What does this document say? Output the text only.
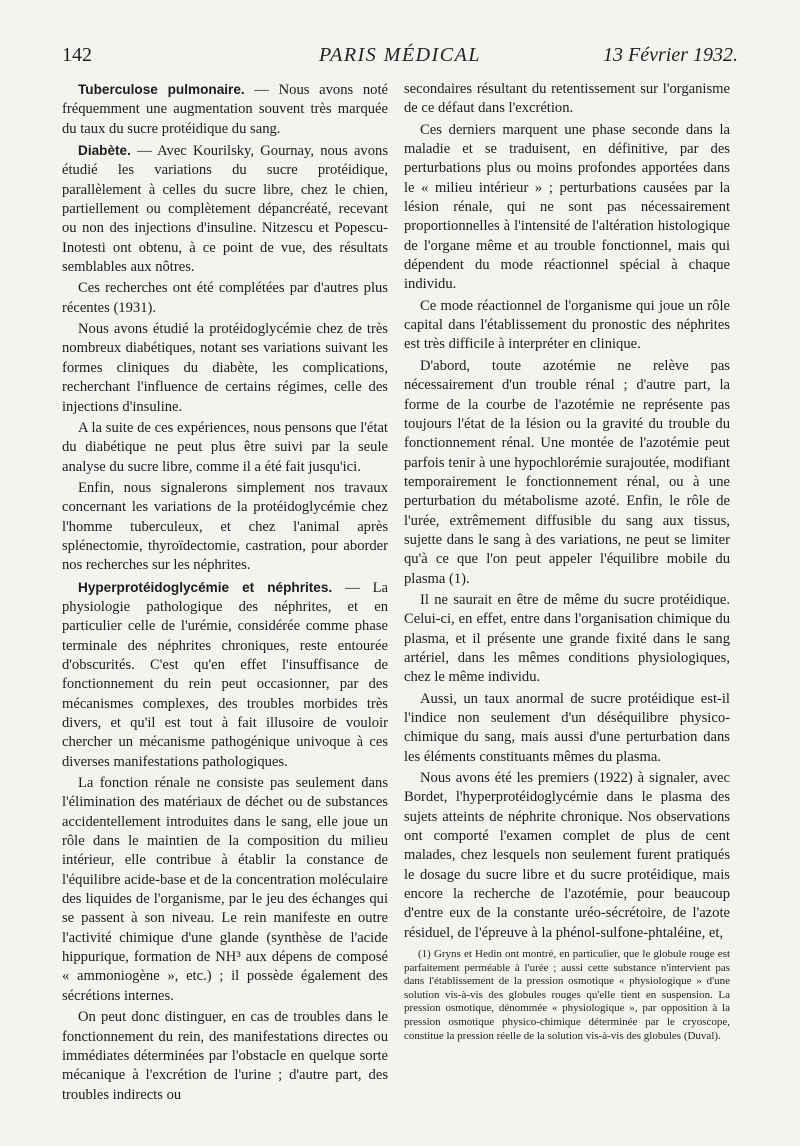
142	PARIS MÉDICAL	13 Février 1932.

Tuberculose pulmonaire. — Nous avons noté fréquemment une augmentation souvent très marquée du taux du sucre protéidique du sang.

Diabète. — Avec Kourilsky, Gournay, nous avons étudié les variations du sucre protéidique, parallèlement à celles du sucre libre, chez le chien, partiellement ou complètement dépancréaté, recevant ou non des injections d'insuline. Nitzescu et Popescu-Inotesti ont obtenu, à ce point de vue, des résultats semblables aux nôtres.

Ces recherches ont été complétées par d'autres plus récentes (1931).

Nous avons étudié la protéidoglycémie chez de très nombreux diabétiques, notant ses variations suivant les formes cliniques du diabète, les complications, recherchant l'influence de certains régimes, celle des injections d'insuline.

A la suite de ces expériences, nous pensons que l'état du diabétique ne peut plus être suivi par la seule analyse du sucre libre, comme il a été fait jusqu'ici.

Enfin, nous signalerons simplement nos travaux concernant les variations de la protéidoglycémie chez l'homme tuberculeux, et chez l'animal après splénectomie, thyroïdectomie, castration, pour aborder nos recherches sur les néphrites.

Hyperprotéidoglycémie et néphrites. — La physiologie pathologique des néphrites, et en particulier celle de l'urémie, considérée comme phase terminale des néphrites chroniques, reste entourée d'obscurités. C'est qu'en effet l'insuffisance de fonctionnement du rein peut occasionner, par des mécanismes complexes, des troubles morbides très divers, et qu'il est tout à fait illusoire de vouloir chercher un mécanisme pathogénique univoque à ces diverses manifestations pathologiques.

La fonction rénale ne consiste pas seulement dans l'élimination des matériaux de déchet ou de substances accidentellement introduites dans le sang, elle joue un rôle dans le maintien de la composition du milieu intérieur, elle contribue à établir la constance de l'équilibre acide-base et de la concentration moléculaire des liquides de l'organisme, par le jeu des échanges qui se passent à son niveau. Le rein manifeste en outre l'activité chimique d'une glande (synthèse de l'acide hippurique, formation de NH³ aux dépens de composé « ammoniogène », etc.) ; il possède également des sécrétions internes.

On peut donc distinguer, en cas de troubles dans le fonctionnement du rein, des manifestations directes ou immédiates déterminées par l'obstacle en quelque sorte mécanique à l'excrétion de l'urine ; d'autre part, des troubles indirects ou

secondaires résultant du retentissement sur l'organisme de ce défaut dans l'excrétion.

Ces derniers marquent une phase seconde dans la maladie et se traduisent, en définitive, par des perturbations plus ou moins profondes apportées dans le « milieu intérieur » ; perturbations causées par la lésion rénale, qui ne sont pas nécessairement proportionnelles à l'intensité de l'altération histologique de l'organe même et au trouble fonctionnel, mais qui dépendent du mode réactionnel spécial à chaque individu.

Ce mode réactionnel de l'organisme qui joue un rôle capital dans l'établissement du pronostic des néphrites est très difficile à interpréter en clinique.

D'abord, toute azotémie ne relève pas nécessairement d'un trouble rénal ; d'autre part, la forme de la courbe de l'azotémie ne représente pas toujours l'état de la lésion ou la gravité du trouble du fonctionnement rénal. Une montée de l'azotémie peut parfois tenir à une hypochlorémie surajoutée, modifiant temporairement le fonctionnement rénal, ou à une perturbation du métabolisme azoté. Enfin, le rôle de l'urée, extrêmement diffusible du sang aux tissus, sujette dans le sang à des variations, ne peut se limiter qu'à ce que l'on peut appeler l'équilibre mobile du plasma (1).

Il ne saurait en être de même du sucre protéidique. Celui-ci, en effet, entre dans l'organisation chimique du plasma, et il présente une grande fixité dans le sang artériel, dans les mêmes conditions physiologiques, chez le même individu.

Aussi, un taux anormal de sucre protéidique est-il l'indice non seulement d'un déséquilibre physico-chimique du sang, mais aussi d'une perturbation dans les éléments constituants mêmes du plasma.

Nous avons été les premiers (1922) à signaler, avec Bordet, l'hyperprotéidoglycémie dans le plasma des sujets atteints de néphrite chronique. Nos observations ont comporté l'examen complet de plus de cent malades, chez lesquels non seulement furent pratiqués le dosage du sucre libre et du sucre protéidique, mais encore la recherche de l'azotémie, pour beaucoup d'entre eux de la constante uréo-sécrétoire, de l'azote résiduel, de l'épreuve à la phénol-sulfone-phtaléine, et,

(1) Gryns et Hedin ont montré, en particulier, que le globule rouge est parfaitement perméable à l'urée ; aussi cette substance n'intervient pas dans l'établissement de la pression osmotique « physiologique » d'une solution vis-à-vis des globules rouges qu'elle tient en suspension. La pression osmotique, dénommée « physiologique », par opposition à la pression osmotique physico-chimique déterminée par le cryoscope, constitue la pression réelle de la solution vis-à-vis des globules (Duval).
